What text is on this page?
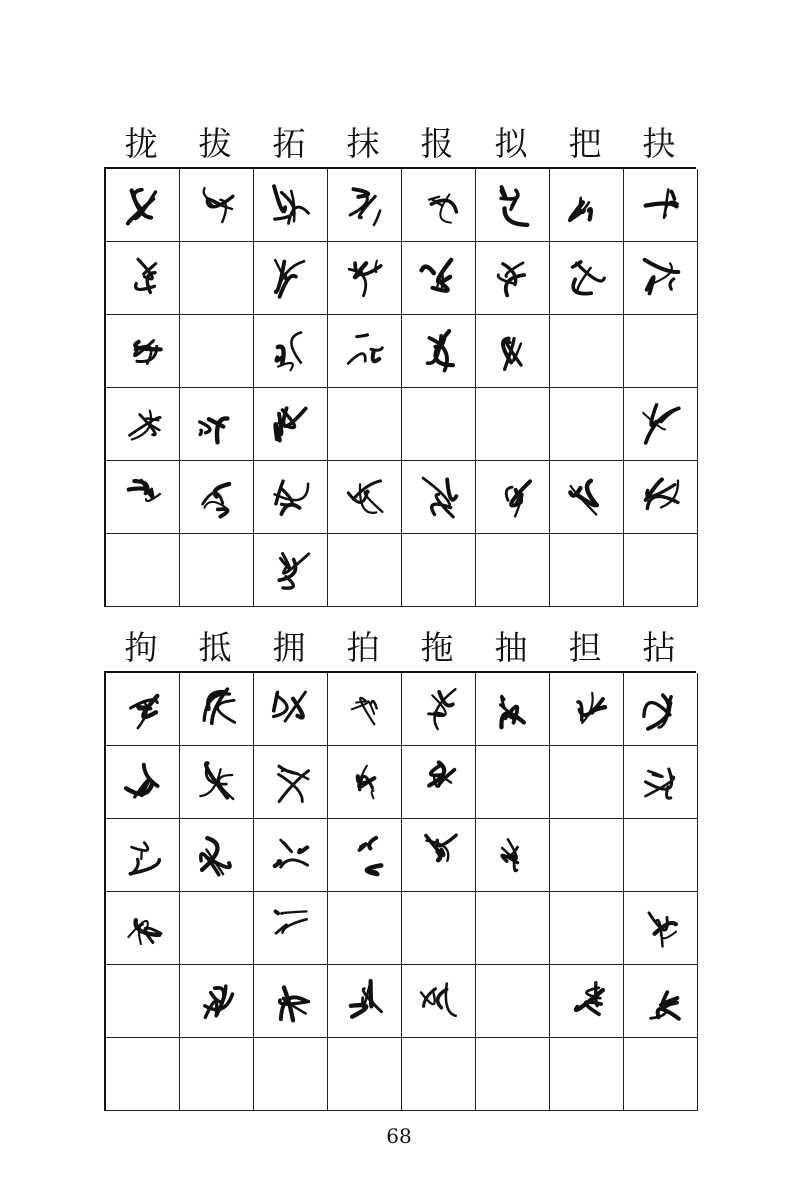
拢	拔	拓	抹	报	拟	把	抉
拘	抵	拥	拍	拖	抽	担	拈
68
